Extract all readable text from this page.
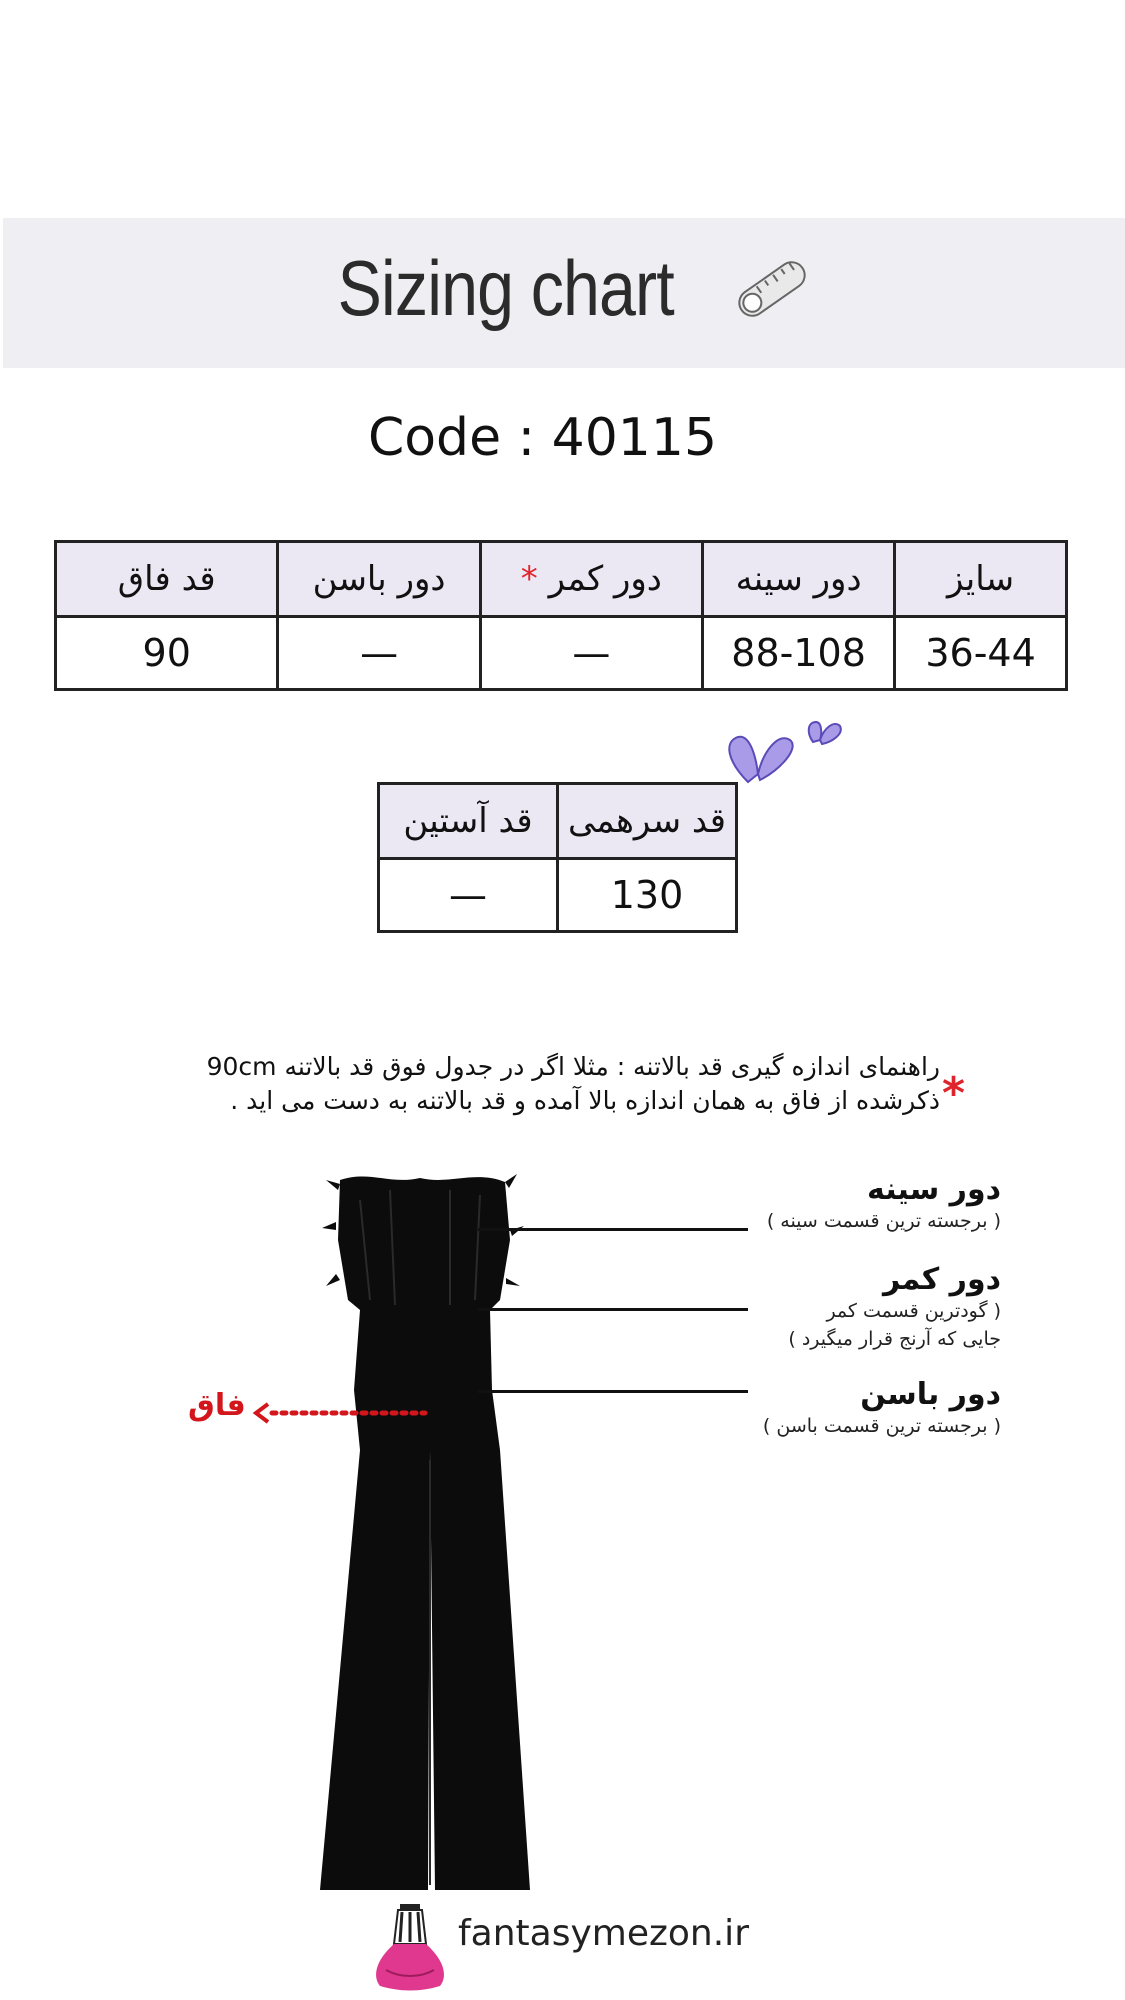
Sizing chart
Code : 40115
سایز	دور سینه	دور کمر *	دور باسن	قد فاق
36-44	88-108	—	—	90
قد سرهمی	قد آستین
130	—
*
راهنمای اندازه گیری قد بالاتنه : مثلا اگر در جدول فوق قد بالاتنه 90cm
ذکرشده از فاق به همان اندازه بالا آمده و قد بالاتنه به دست می اید .
فاق
دور سینه
( برجسته ترین قسمت سینه )
دور کمر
( گودترین قسمت کمر
جایی که آرنج قرار میگیرد )
دور باسن
( برجسته ترین قسمت باسن )
fantasymezon.ir
